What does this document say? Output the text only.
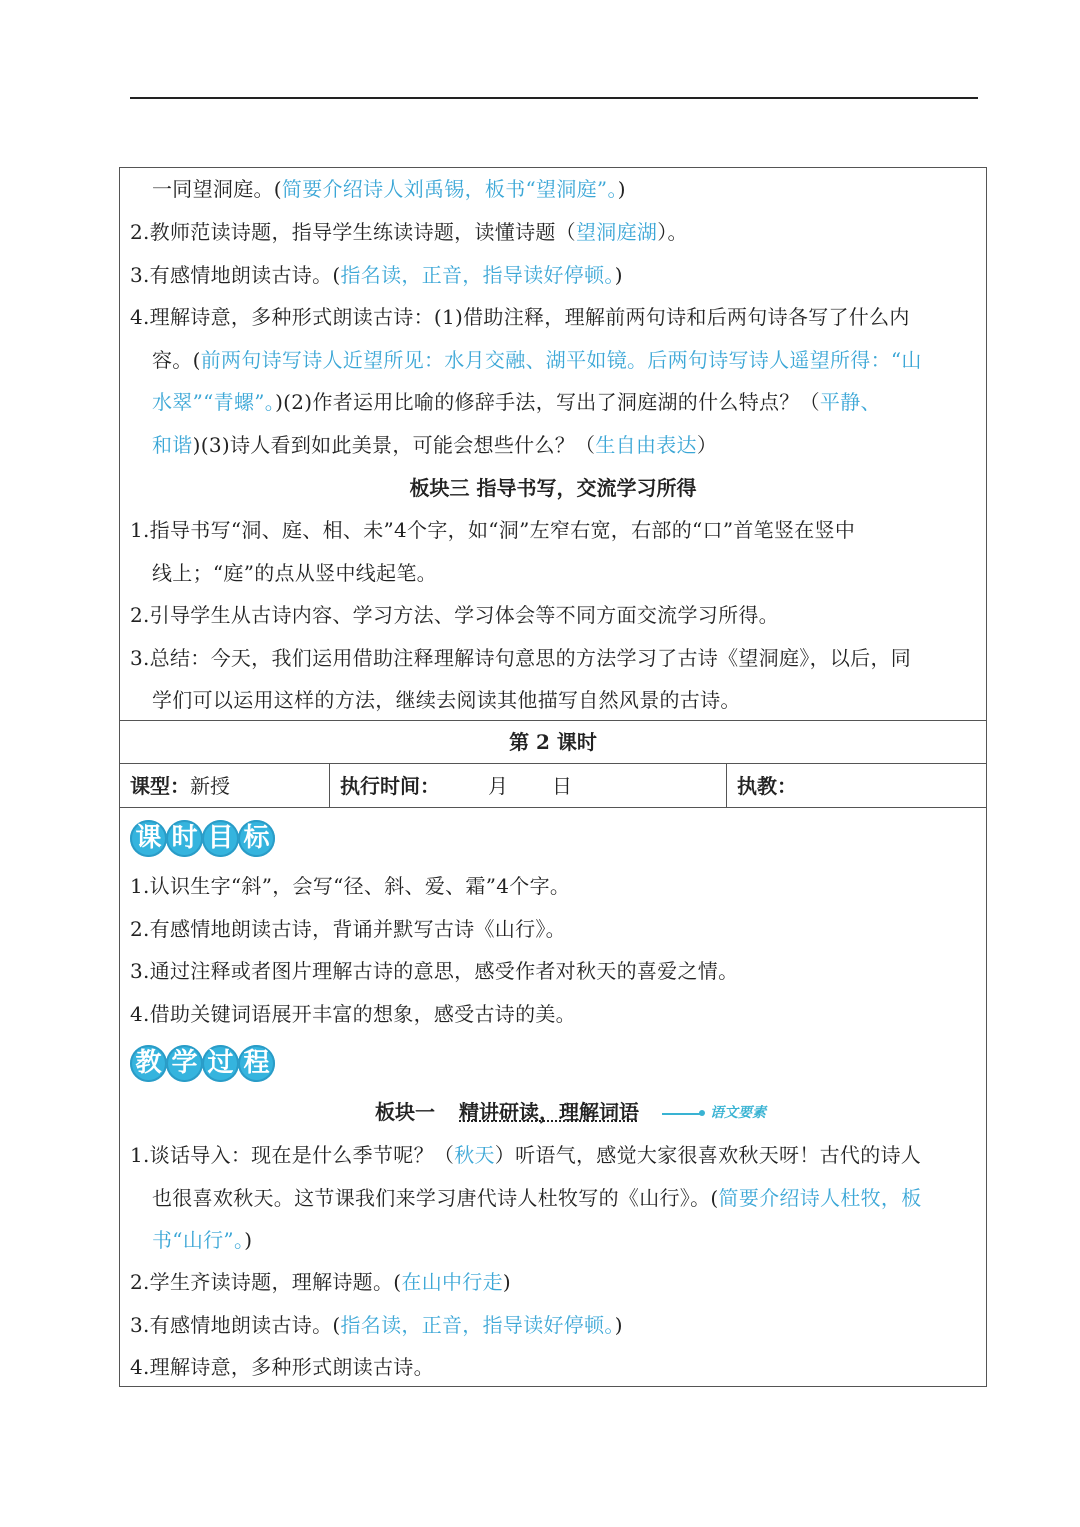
一同望洞庭。(简要介绍诗人刘禹锡，板书“望洞庭”。)
2.教师范读诗题，指导学生练读诗题，读懂诗题（望洞庭湖）。
3.有感情地朗读古诗。(指名读，正音，指导读好停顿。)
4.理解诗意，多种形式朗读古诗：(1)借助注释，理解前两句诗和后两句诗各写了什么内
容。(前两句诗写诗人近望所见：水月交融、湖平如镜。后两句诗写诗人遥望所得：“山
水翠”“青螺”。)(2)作者运用比喻的修辞手法，写出了洞庭湖的什么特点？（平静、
和谐)(3)诗人看到如此美景，可能会想些什么？（生自由表达）
板块三 指导书写，交流学习所得
1.指导书写“洞、庭、相、未”4个字，如“洞”左窄右宽，右部的“口”首笔竖在竖中
线上；“庭”的点从竖中线起笔。
2.引导学生从古诗内容、学习方法、学习体会等不同方面交流学习所得。
3.总结：今天，我们运用借助注释理解诗句意思的方法学习了古诗《望洞庭》，以后，同
学们可以运用这样的方法，继续去阅读其他描写自然风景的古诗。
第 2 课时
课型：新授	执行时间： 月 日	执教：
课 时 目 标
1.认识生字“斜”，会写“径、斜、爱、霜”4个字。
2.有感情地朗读古诗，背诵并默写古诗《山行》。
3.通过注释或者图片理解古诗的意思，感受作者对秋天的喜爱之情。
4.借助关键词语展开丰富的想象，感受古诗的美。
教 学 过 程
板块一 精讲研读，理解词语	语文要素
1.谈话导入：现在是什么季节呢？（秋天）听语气，感觉大家很喜欢秋天呀！古代的诗人
也很喜欢秋天。这节课我们来学习唐代诗人杜牧写的《山行》。(简要介绍诗人杜牧，板
书“山行”。)
2.学生齐读诗题，理解诗题。(在山中行走)
3.有感情地朗读古诗。(指名读，正音，指导读好停顿。)
4.理解诗意，多种形式朗读古诗。
